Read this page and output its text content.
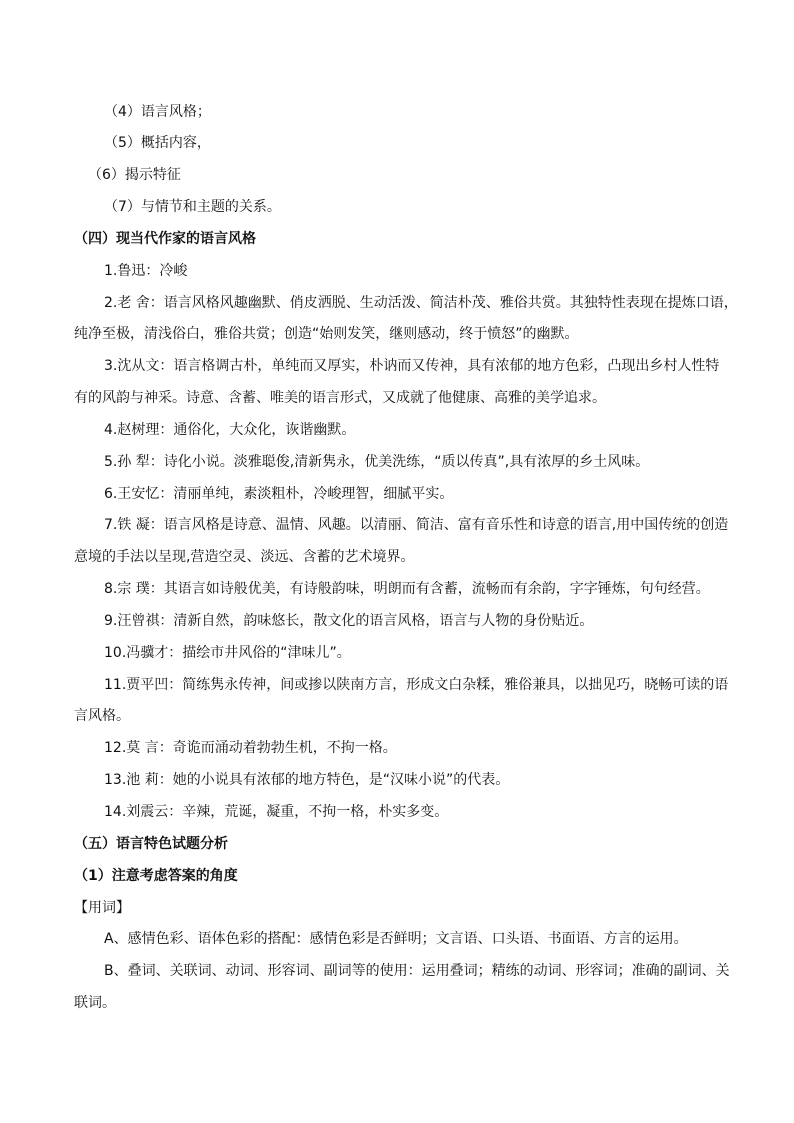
（4）语言风格；
（5）概括内容，
（6）揭示特征
（7）与情节和主题的关系。
（四）现当代作家的语言风格
1.鲁迅：冷峻
2.老 舍：语言风格风趣幽默、俏皮洒脱、生动活泼、简洁朴茂、雅俗共赏。其独特性表现在提炼口语，
纯净至极，清浅俗白，雅俗共赏；创造“始则发笑，继则感动，终于愤怒”的幽默。
3.沈从文：语言格调古朴，单纯而又厚实，朴讷而又传神，具有浓郁的地方色彩，凸现出乡村人性特
有的风韵与神采。诗意、含蓄、唯美的语言形式，又成就了他健康、高雅的美学追求。
4.赵树理：通俗化，大众化，诙谐幽默。
5.孙 犁：诗化小说。淡雅聪俊,清新隽永，优美洗练，“质以传真”,具有浓厚的乡土风味。
6.王安忆：清丽单纯，素淡粗朴，冷峻理智，细腻平实。
7.铁 凝：语言风格是诗意、温情、风趣。以清丽、简洁、富有音乐性和诗意的语言,用中国传统的创造
意境的手法以呈现,营造空灵、淡远、含蓄的艺术境界。
8.宗 璞：其语言如诗般优美，有诗般韵味，明朗而有含蓄，流畅而有余韵，字字锤炼，句句经营。
9.汪曾祺：清新自然，韵味悠长，散文化的语言风格，语言与人物的身份贴近。
10.冯骥才：描绘市井风俗的“津味儿”。
11.贾平凹：简练隽永传神，间或掺以陕南方言，形成文白杂糅，雅俗兼具，以拙见巧，晓畅可读的语
言风格。
12.莫 言：奇诡而涌动着勃勃生机，不拘一格。
13.池 莉：她的小说具有浓郁的地方特色，是“汉味小说”的代表。
14.刘震云：辛辣，荒诞，凝重，不拘一格，朴实多变。
（五）语言特色试题分析
（1）注意考虑答案的角度
【用词】
A、感情色彩、语体色彩的搭配：感情色彩是否鲜明；文言语、口头语、书面语、方言的运用。
B、叠词、关联词、动词、形容词、副词等的使用：运用叠词；精练的动词、形容词；准确的副词、关
联词。
